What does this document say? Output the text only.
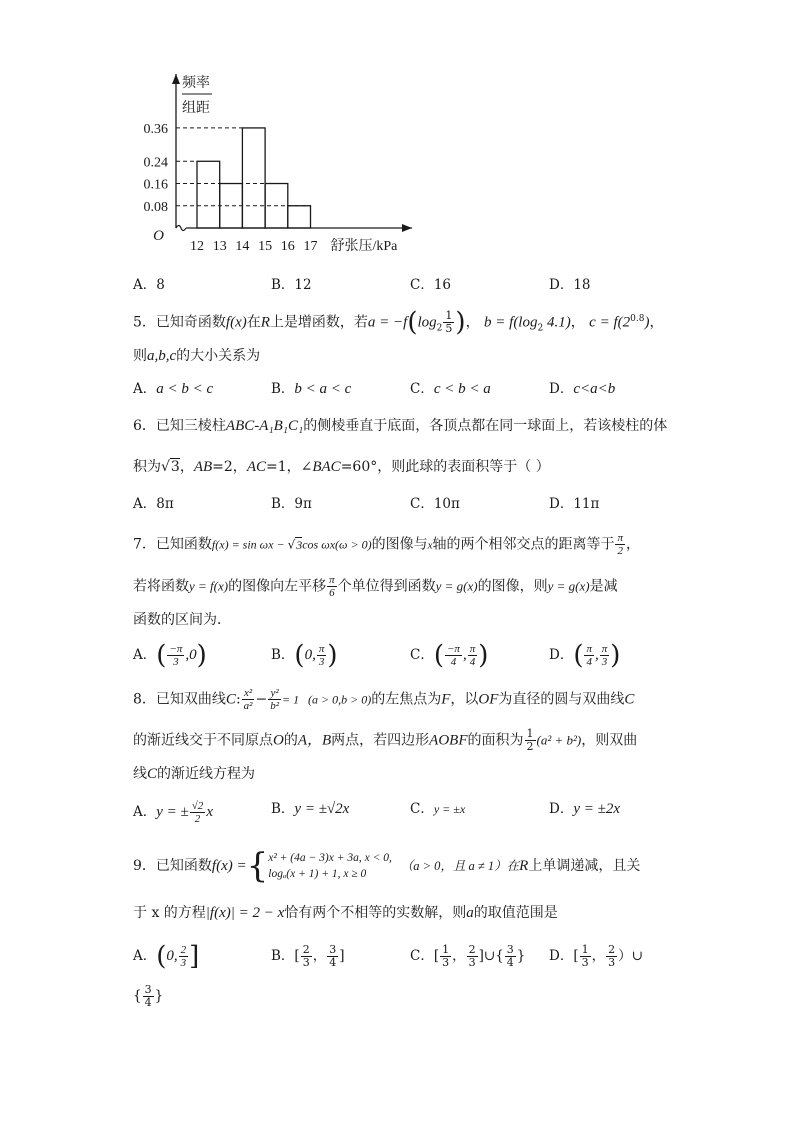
0.36
0.24
0.16
0.08
12 13 14 15 16 17
O
频率
组距
舒张压/kPa
A．8	B．12	C．16	D．18
5．已知奇函数f(x)在R上是增函数，若$a = -f(\log_2 \frac{1}{5}$ )， $b = f(\log_2$ 4.1)， $c = f(2^{0.8})$，
则a,b,c的大小关系为
A．a < b < c	B．b < a < c	C．c < b < a	D．c<a<b
6．已知三棱柱ABC-A₁B₁C₁的侧棱垂直于底面，各顶点都在同一球面上，若该棱柱的体
积为√3，AB=2，AC=1，∠BAC=60°，则此球的表面积等于（ ）
A．8π	B．9π	C．10π	D．11π
7．已知函数f(x) = sin ωx − √3cos ωx(ω > 0)的图像与x轴的两个相邻交点的距离等于 $\frac{\pi}{2}$ ，
若将函数y = f(x)的图像向左平移 $\frac{\pi}{6}$ 个单位得到函数y = g(x)的图像，则y = g(x)是减
函数的区间为．
A．( $\frac{-\pi}{3} ,0$)	B．(0, $\frac{\pi}{3}$ )	C．( $\frac{-\pi}{4}$ , $\frac{\pi}{4}$ )	D．( $\frac{\pi}{4}$ , $\frac{\pi}{3}$ )
8．已知双曲线C: $\frac{\text{x²}}{\text{a²}} - \frac{\text{y²}}{\text{b²}} = 1$ (a > 0,b > 0)的左焦点为F，以OF为直径的圆与双曲线C
的渐近线交于不同原点O的A，B两点，若四边形AOBF的面积为 $\frac{1}{2} (a^2 + b^2)$，则双曲
线C的渐近线方程为
A．y = ± $\frac{√2}{2}$ x	B．y = ±√2x	C．y = ±x	D．y = ±2x
9．已知函数f(x) ={ x² + (4a − 3)x + 3a, x < 0,
logₐ(x + 1) + 1, x ≥ 0
（a > 0，且 a ≠ 1）在R上单调递减，且关
于 x 的方程|f(x)| = 2 − x恰有两个不相等的实数解，则a的取值范围是
A．(0, $\frac{2}{3}$ ]	B．[ $\frac{2}{3}$ ， $\frac{3}{4}$ ]	C．[ $\frac{1}{3}$ ， $\frac{2}{3}$ ]∪{ $\frac{3}{4}$ } D．[ $\frac{1}{3}$ ， $\frac{2}{3}$ ）∪
{ $\frac{3}{4}$ }
